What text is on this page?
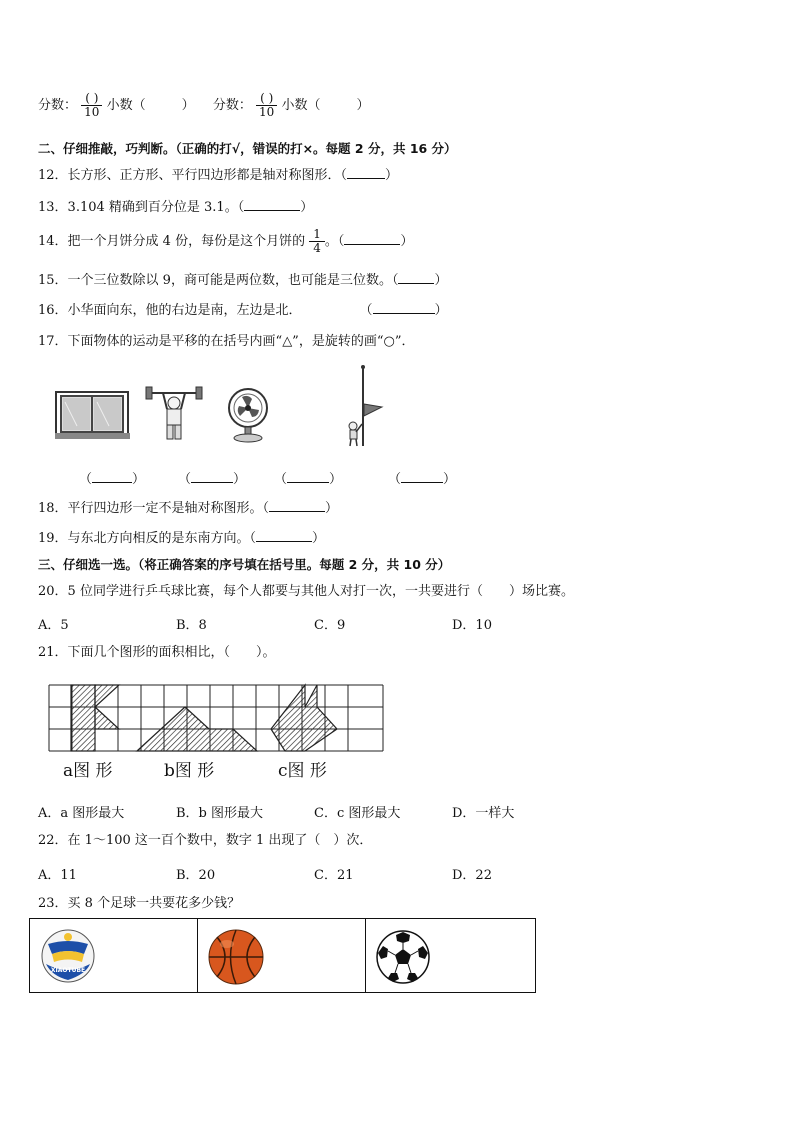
分数： $\frac{( )}{10}$ 小数（	） 分数： $\frac{( )}{10}$ 小数（	）
二、仔细推敲，巧判断。（正确的打√，错误的打×。每题 2 分，共 16 分）
12．长方形、正方形、平行四边形都是轴对称图形．（	）
13．3.104 精确到百分位是 3.1。（	）
14．把一个月饼分成 4 份，每份是这个月饼的 $\frac{1}{4}$ 。（	）
15．一个三位数除以 9，商可能是两位数，也可能是三位数。（	）
16．小华面向东，他的右边是南，左边是北．	（	）
17．下面物体的运动是平移的在括号内画“△”，是旋转的画“○”．
（	）	（	） （	）	（	）
18．平行四边形一定不是轴对称图形。（	）
19．与东北方向相反的是东南方向。（	）
三、仔细选一选。（将正确答案的序号填在括号里。每题 2 分，共 10 分）
20．5 位同学进行乒乓球比赛，每个人都要与其他人对打一次，一共要进行（　　）场比赛。
A．5	B．8	C．9	D．10
21．下面几个图形的面积相比，（　　）。
a图 形	b图 形	c图 形
A．a 图形最大	B．b 图形最大	C．c 图形最大	D．一样大
22．在 1～100 这一百个数中，数字 1 出现了（　）次．
A．11	B．20	C．21	D．22
23．买 8 个足球一共要花多少钱？
XIAOTUBE
